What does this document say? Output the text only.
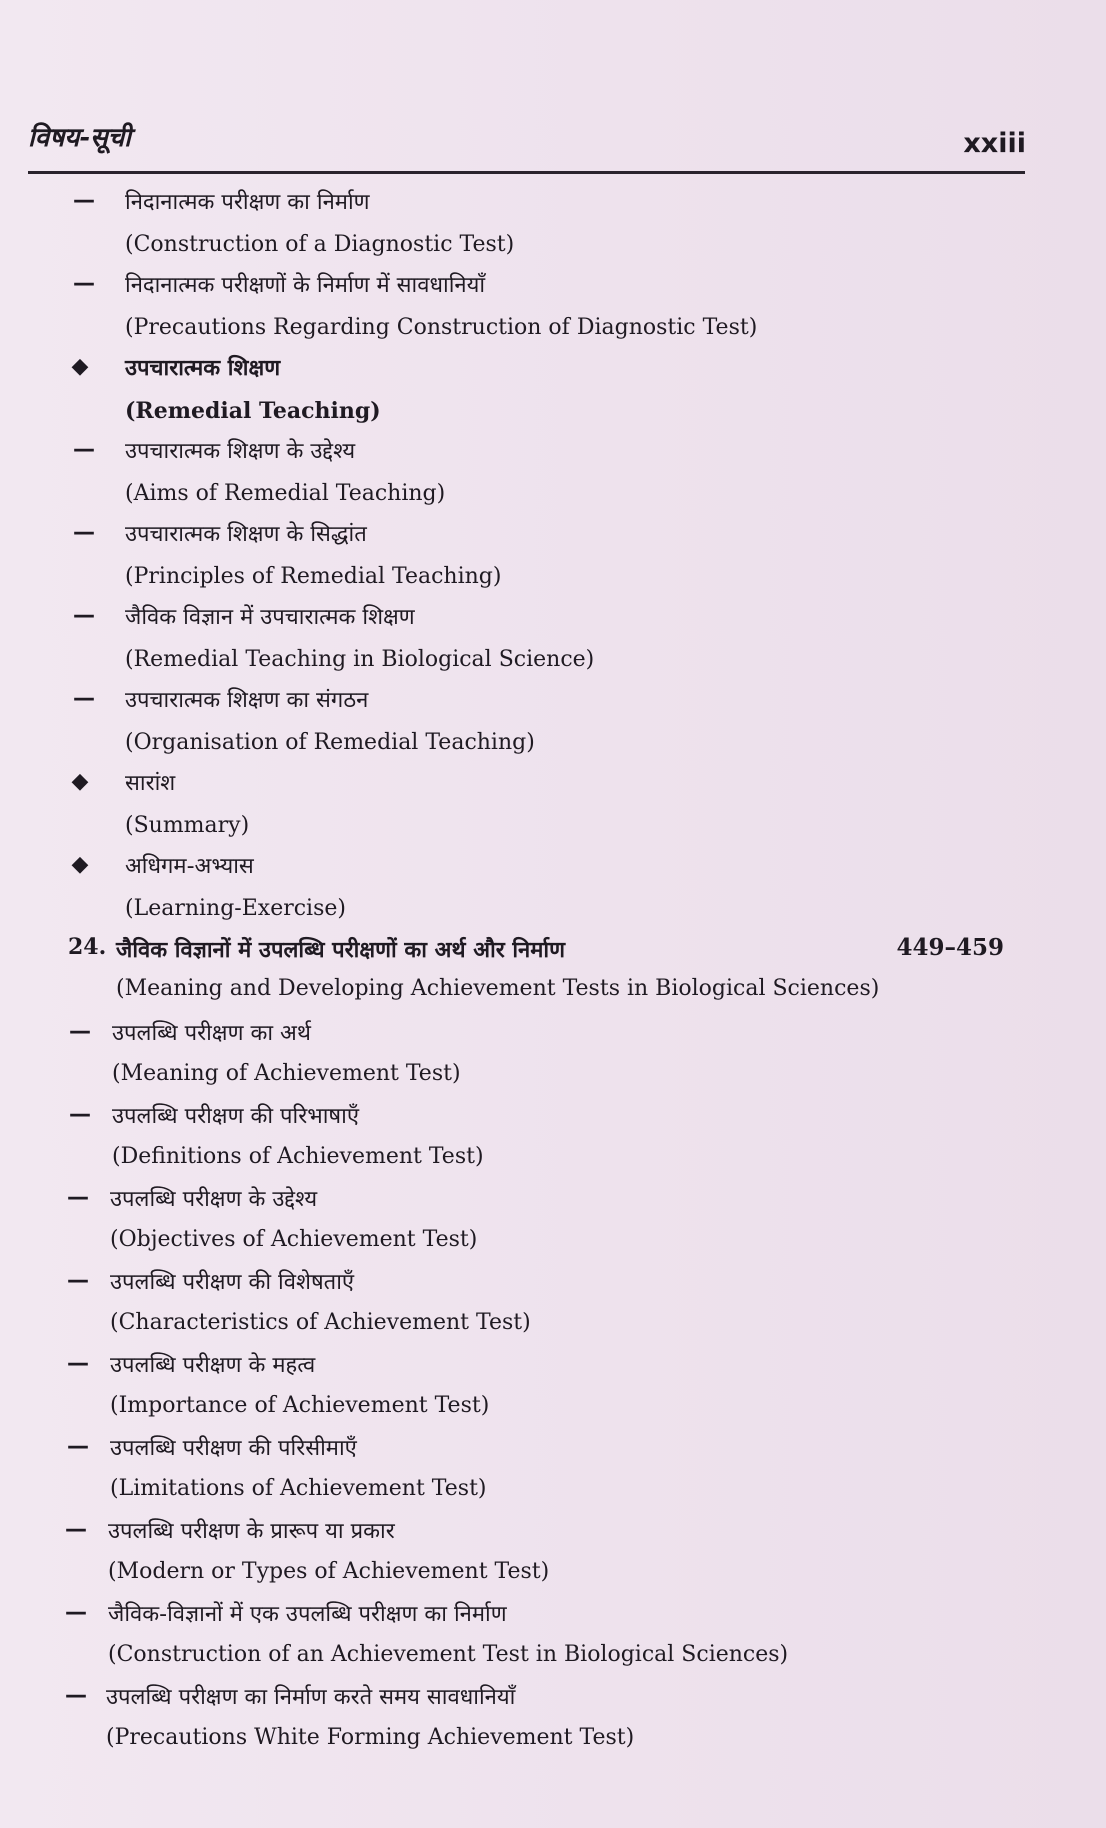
विषय-सूची	xxiii
—	निदानात्मक परीक्षण का निर्माण
(Construction of a Diagnostic Test)
—	निदानात्मक परीक्षणों के निर्माण में सावधानियाँ
(Precautions Regarding Construction of Diagnostic Test)
◆	उपचारात्मक शिक्षण
(Remedial Teaching)
—	उपचारात्मक शिक्षण के उद्देश्य
(Aims of Remedial Teaching)
—	उपचारात्मक शिक्षण के सिद्धांत
(Principles of Remedial Teaching)
—	जैविक विज्ञान में उपचारात्मक शिक्षण
(Remedial Teaching in Biological Science)
—	उपचारात्मक शिक्षण का संगठन
(Organisation of Remedial Teaching)
◆	सारांश
(Summary)
◆	अधिगम-अभ्यास
(Learning-Exercise)
24. जैविक विज्ञानों में उपलब्धि परीक्षणों का अर्थ और निर्माण	449–459
(Meaning and Developing Achievement Tests in Biological Sciences)
— उपलब्धि परीक्षण का अर्थ
(Meaning of Achievement Test)
— उपलब्धि परीक्षण की परिभाषाएँ
(Definitions of Achievement Test)
— उपलब्धि परीक्षण के उद्देश्य
(Objectives of Achievement Test)
— उपलब्धि परीक्षण की विशेषताएँ
(Characteristics of Achievement Test)
— उपलब्धि परीक्षण के महत्व
(Importance of Achievement Test)
— उपलब्धि परीक्षण की परिसीमाएँ
(Limitations of Achievement Test)
— उपलब्धि परीक्षण के प्रारूप या प्रकार
(Modern or Types of Achievement Test)
— जैविक-विज्ञानों में एक उपलब्धि परीक्षण का निर्माण
(Construction of an Achievement Test in Biological Sciences)
— उपलब्धि परीक्षण का निर्माण करते समय सावधानियाँ
(Precautions White Forming Achievement Test)
